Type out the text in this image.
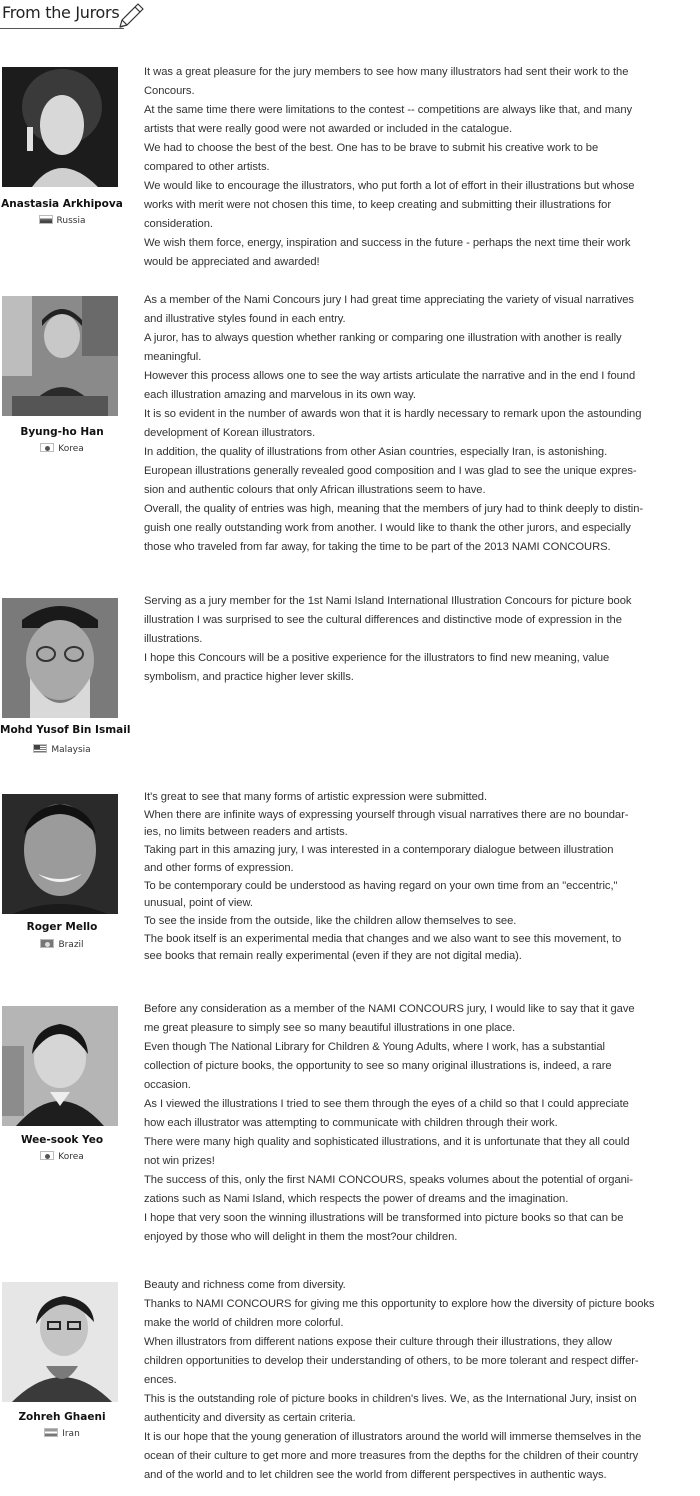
From the Jurors
Anastasia Arkhipova
Russia

It was a great pleasure for the jury members to see how many illustrators had sent their work to the

Concours.

At the same time there were limitations to the contest -- competitions are always like that, and many

artists that were really good were not awarded or included in the catalogue.

We had to choose the best of the best. One has to be brave to submit his creative work to be

compared to other artists.

We would like to encourage the illustrators, who put forth a lot of effort in their illustrations but whose

works with merit were not chosen this time, to keep creating and submitting their illustrations for

consideration.

We wish them force, energy, inspiration and success in the future - perhaps the next time their work

would be appreciated and awarded!

Byung-ho Han
Korea

As a member of the Nami Concours jury I had great time appreciating the variety of visual narratives

and illustrative styles found in each entry.

A juror, has to always question whether ranking or comparing one illustration with another is really

meaningful.

However this process allows one to see the way artists articulate the narrative and in the end I found

each illustration amazing and marvelous in its own way.

It is so evident in the number of awards won that it is hardly necessary to remark upon the astounding

development of Korean illustrators.

In addition, the quality of illustrations from other Asian countries, especially Iran, is astonishing.

European illustrations generally revealed good composition and I was glad to see the unique expres-

sion and authentic colours that only African illustrations seem to have.

Overall, the quality of entries was high, meaning that the members of jury had to think deeply to distin-

guish one really outstanding work from another. I would like to thank the other jurors, and especially

those who traveled from far away, for taking the time to be part of the 2013 NAMI CONCOURS.

Mohd Yusof Bin Ismail
Malaysia

Serving as a jury member for the 1st Nami Island International Illustration Concours for picture book

illustration I was surprised to see the cultural differences and distinctive mode of expression in the

illustrations.

I hope this Concours will be a positive experience for the illustrators to find new meaning, value

symbolism, and practice higher lever skills.

Roger Mello
Brazil

It's great to see that many forms of artistic expression were submitted.

When there are infinite ways of expressing yourself through visual narratives there are no boundar-

ies, no limits between readers and artists.

Taking part in this amazing jury, I was interested in a contemporary dialogue between illustration

and other forms of expression.

To be contemporary could be understood as having regard on your own time from an "eccentric,"

unusual, point of view.

To see the inside from the outside, like the children allow themselves to see.

The book itself is an experimental media that changes and we also want to see this movement, to

see books that remain really experimental (even if they are not digital media).

Wee-sook Yeo
Korea

Before any consideration as a member of the NAMI CONCOURS jury, I would like to say that it gave

me great pleasure to simply see so many beautiful illustrations in one place.

Even though The National Library for Children & Young Adults, where I work, has a substantial

collection of picture books, the opportunity to see so many original illustrations is, indeed, a rare

occasion.

As I viewed the illustrations I tried to see them through the eyes of a child so that I could appreciate

how each illustrator was attempting to communicate with children through their work.

There were many high quality and sophisticated illustrations, and it is unfortunate that they all could

not win prizes!

The success of this, only the first NAMI CONCOURS, speaks volumes about the potential of organi-

zations such as Nami Island, which respects the power of dreams and the imagination.

I hope that very soon the winning illustrations will be transformed into picture books so that can be

enjoyed by those who will delight in them the most?our children.

Zohreh Ghaeni
Iran

Beauty and richness come from diversity.

Thanks to NAMI CONCOURS for giving me this opportunity to explore how the diversity of picture books

make the world of children more colorful.

When illustrators from different nations expose their culture through their illustrations, they allow

children opportunities to develop their understanding of others, to be more tolerant and respect differ-

ences.

This is the outstanding role of picture books in children's lives. We, as the International Jury, insist on

authenticity and diversity as certain criteria.

It is our hope that the young generation of illustrators around the world will immerse themselves in the

ocean of their culture to get more and more treasures from the depths for the children of their country

and of the world and to let children see the world from different perspectives in authentic ways.
